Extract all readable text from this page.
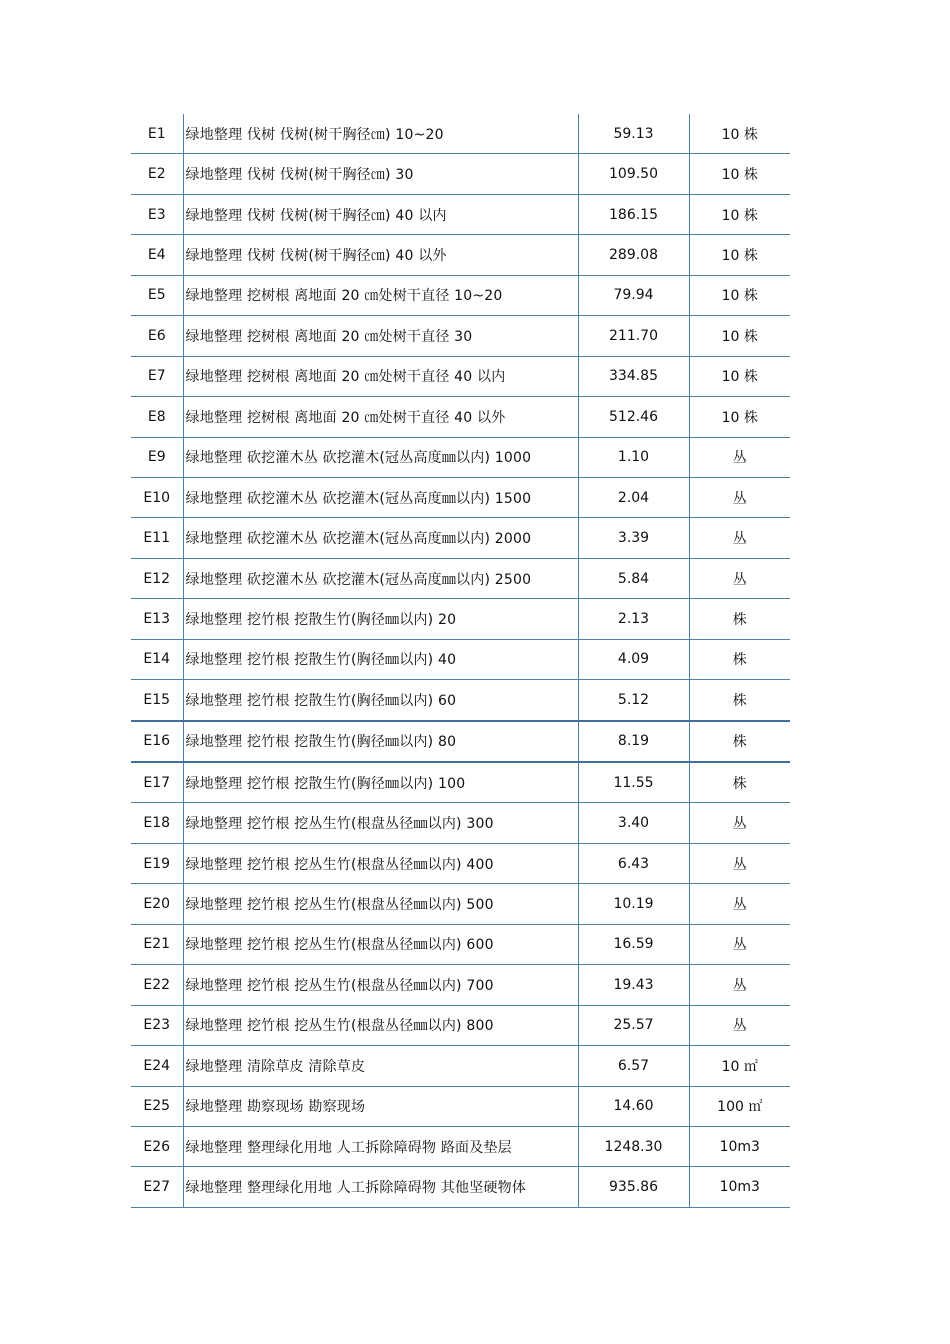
E1	绿地整理 伐树 伐树(树干胸径㎝) 10~20	59.13	10 株
E2	绿地整理 伐树 伐树(树干胸径㎝) 30	109.50	10 株
E3	绿地整理 伐树 伐树(树干胸径㎝) 40 以内	186.15	10 株
E4	绿地整理 伐树 伐树(树干胸径㎝) 40 以外	289.08	10 株
E5	绿地整理 挖树根 离地面 20 ㎝处树干直径 10~20	79.94	10 株
E6	绿地整理 挖树根 离地面 20 ㎝处树干直径 30	211.70	10 株
E7	绿地整理 挖树根 离地面 20 ㎝处树干直径 40 以内	334.85	10 株
E8	绿地整理 挖树根 离地面 20 ㎝处树干直径 40 以外	512.46	10 株
E9	绿地整理 砍挖灌木丛 砍挖灌木(冠丛高度㎜以内) 1000	1.10	丛
E10	绿地整理 砍挖灌木丛 砍挖灌木(冠丛高度㎜以内) 1500	2.04	丛
E11	绿地整理 砍挖灌木丛 砍挖灌木(冠丛高度㎜以内) 2000	3.39	丛
E12	绿地整理 砍挖灌木丛 砍挖灌木(冠丛高度㎜以内) 2500	5.84	丛
E13	绿地整理 挖竹根 挖散生竹(胸径㎜以内) 20	2.13	株
E14	绿地整理 挖竹根 挖散生竹(胸径㎜以内) 40	4.09	株
E15	绿地整理 挖竹根 挖散生竹(胸径㎜以内) 60	5.12	株
E16	绿地整理 挖竹根 挖散生竹(胸径㎜以内) 80	8.19	株
E17	绿地整理 挖竹根 挖散生竹(胸径㎜以内) 100	11.55	株
E18	绿地整理 挖竹根 挖丛生竹(根盘丛径㎜以内) 300	3.40	丛
E19	绿地整理 挖竹根 挖丛生竹(根盘丛径㎜以内) 400	6.43	丛
E20	绿地整理 挖竹根 挖丛生竹(根盘丛径㎜以内) 500	10.19	丛
E21	绿地整理 挖竹根 挖丛生竹(根盘丛径㎜以内) 600	16.59	丛
E22	绿地整理 挖竹根 挖丛生竹(根盘丛径㎜以内) 700	19.43	丛
E23	绿地整理 挖竹根 挖丛生竹(根盘丛径㎜以内) 800	25.57	丛
E24	绿地整理 清除草皮 清除草皮	6.57	10 ㎡
E25	绿地整理 勘察现场 勘察现场	14.60	100 ㎡
E26	绿地整理 整理绿化用地 人工拆除障碍物 路面及垫层	1248.30	10m3
E27	绿地整理 整理绿化用地 人工拆除障碍物 其他坚硬物体	935.86	10m3
